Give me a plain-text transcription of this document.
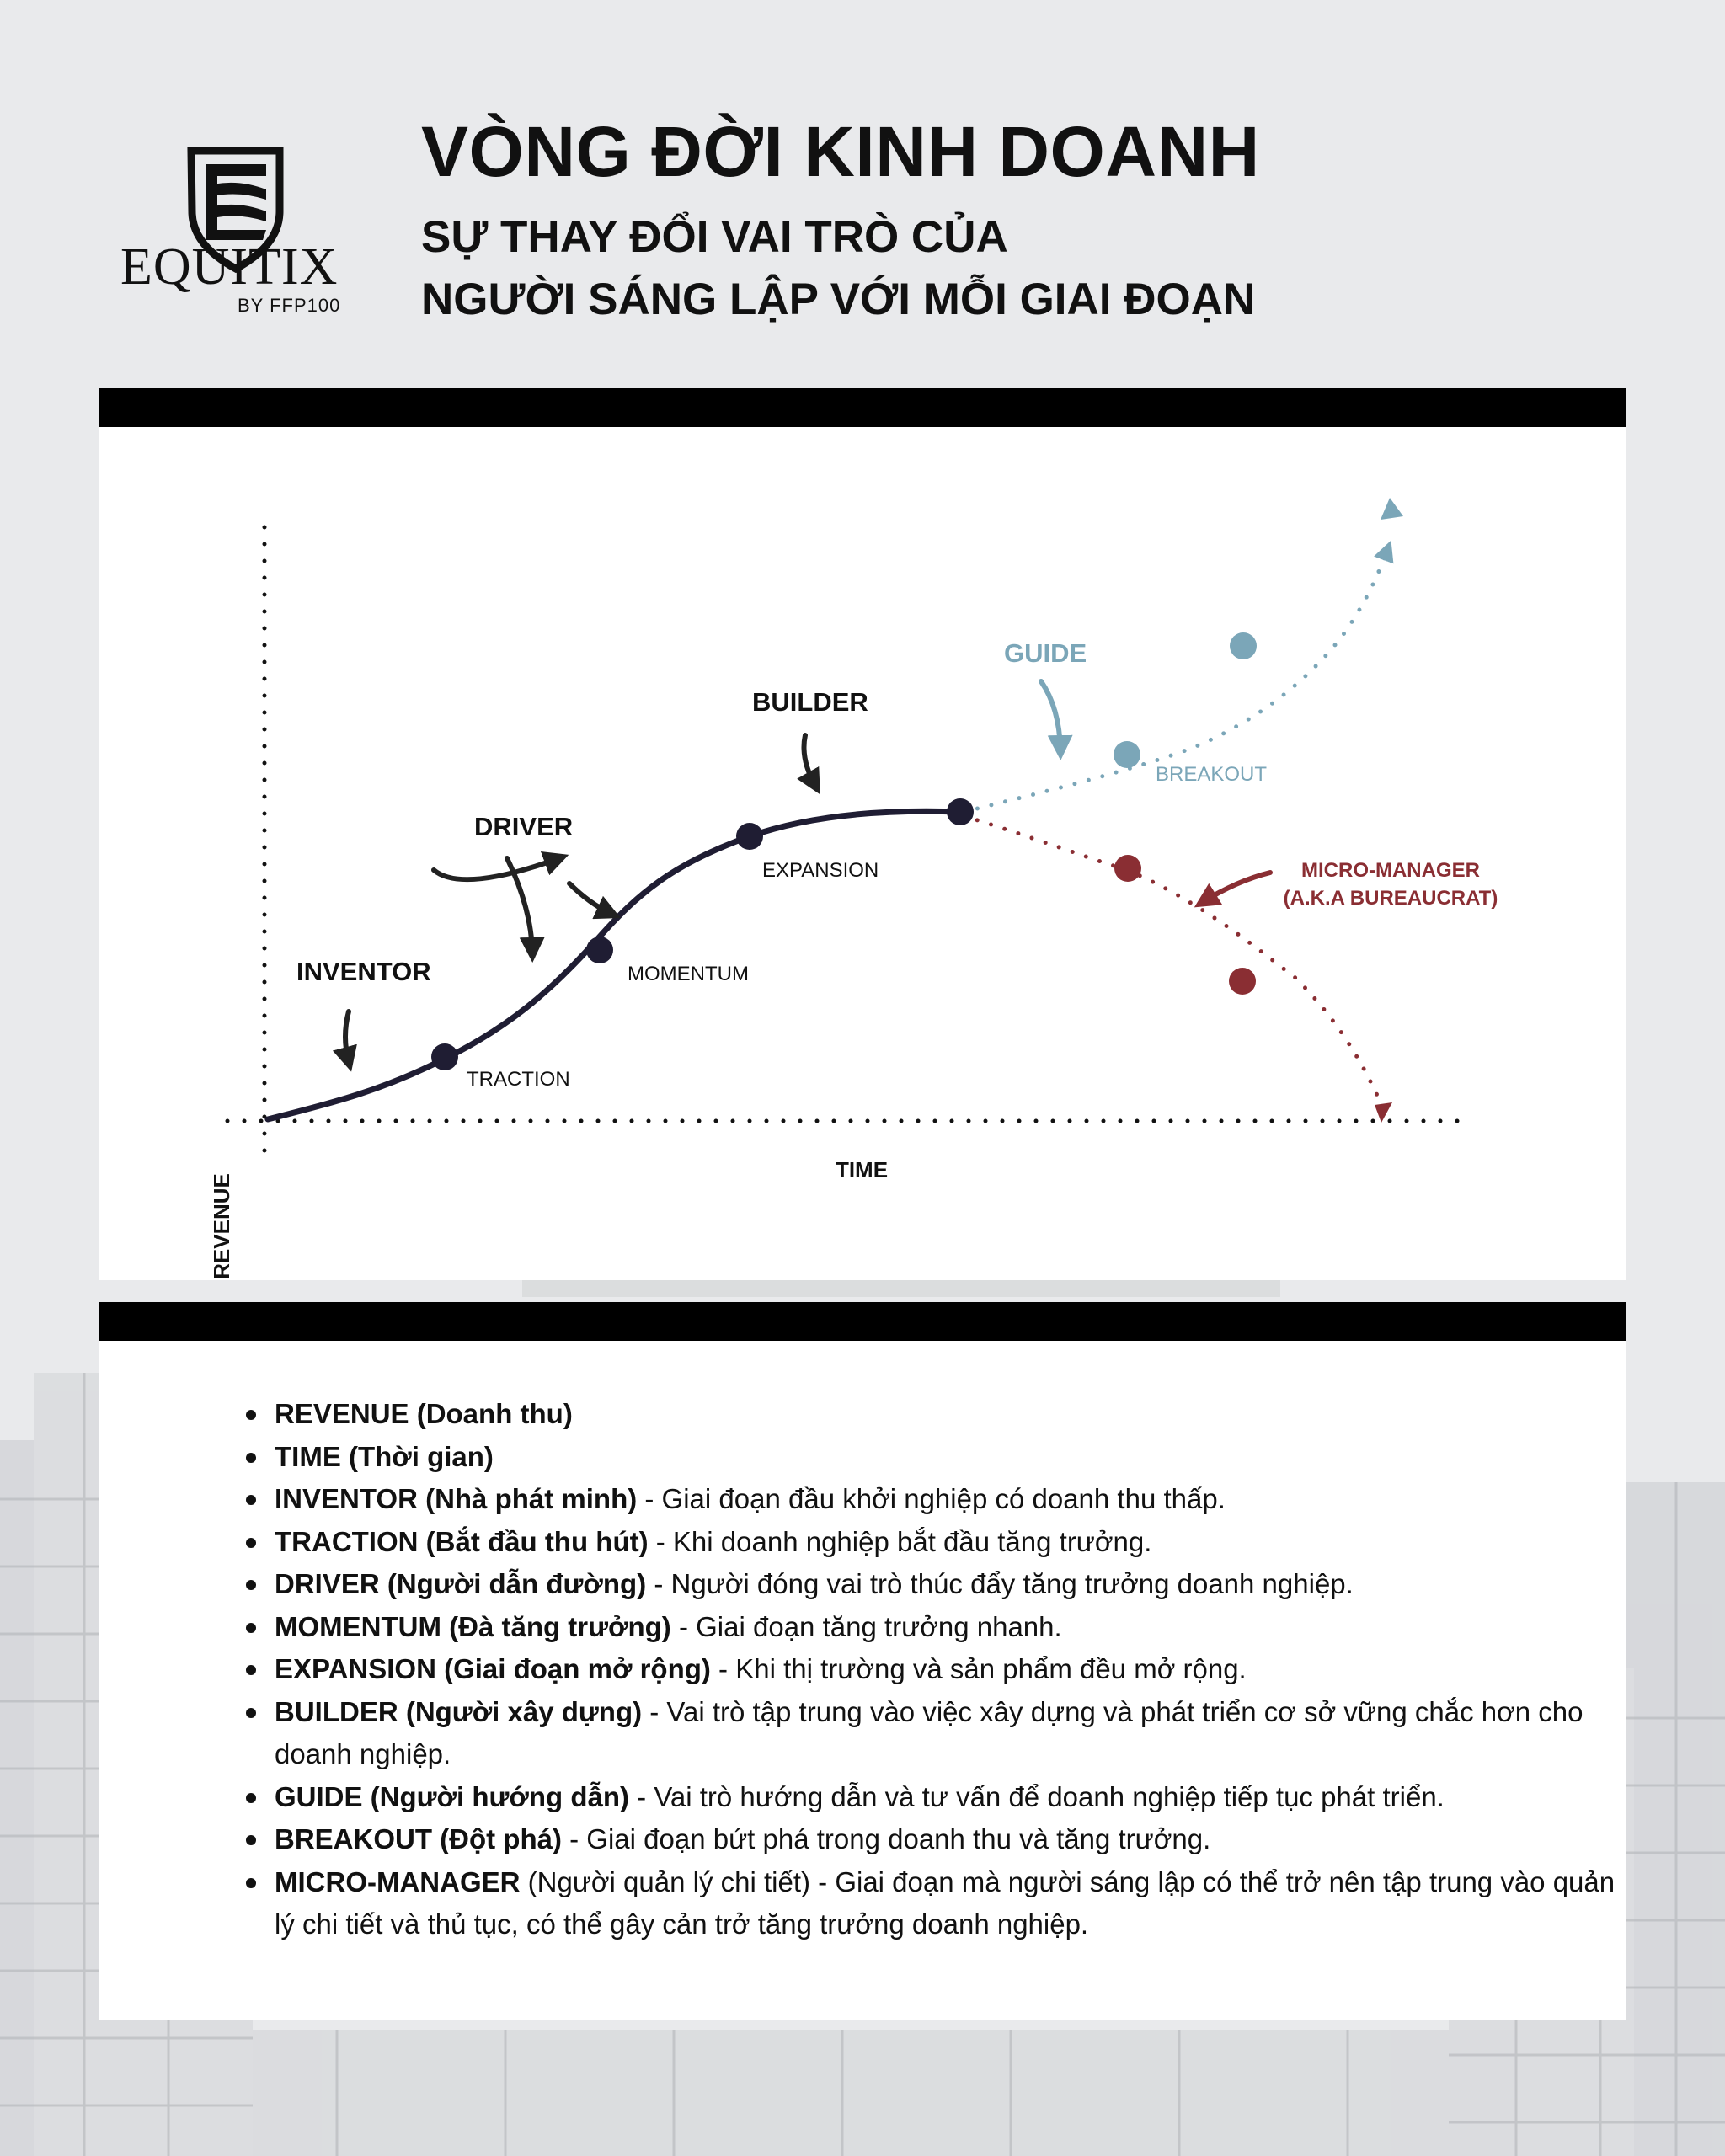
EQUITIX
BY FFP100
VÒNG ĐỜI KINH DOANH
SỰ THAY ĐỔI VAI TRÒ CỦA
NGƯỜI SÁNG LẬP VỚI MỖI GIAI ĐOẠN
REVENUE
TIME
TRACTION
MOMENTUM
EXPANSION
BREAKOUT
INVENTOR
DRIVER
BUILDER
GUIDE
MICRO-MANAGER
(A.K.A BUREAUCRAT)
REVENUE (Doanh thu)
TIME (Thời gian)
INVENTOR (Nhà phát minh) - Giai đoạn đầu khởi nghiệp có doanh thu thấp.
TRACTION (Bắt đầu thu hút) - Khi doanh nghiệp bắt đầu tăng trưởng.
DRIVER (Người dẫn đường) - Người đóng vai trò thúc đẩy tăng trưởng doanh nghiệp.
MOMENTUM (Đà tăng trưởng) - Giai đoạn tăng trưởng nhanh.
EXPANSION (Giai đoạn mở rộng) - Khi thị trường và sản phẩm đều mở rộng.
BUILDER (Người xây dựng) - Vai trò tập trung vào việc xây dựng và phát triển cơ sở vững chắc hơn cho doanh nghiệp.
GUIDE (Người hướng dẫn) - Vai trò hướng dẫn và tư vấn để doanh nghiệp tiếp tục phát triển.
BREAKOUT (Đột phá) - Giai đoạn bứt phá trong doanh thu và tăng trưởng.
MICRO-MANAGER (Người quản lý chi tiết) - Giai đoạn mà người sáng lập có thể trở nên tập trung vào quản lý chi tiết và thủ tục, có thể gây cản trở tăng trưởng doanh nghiệp.
